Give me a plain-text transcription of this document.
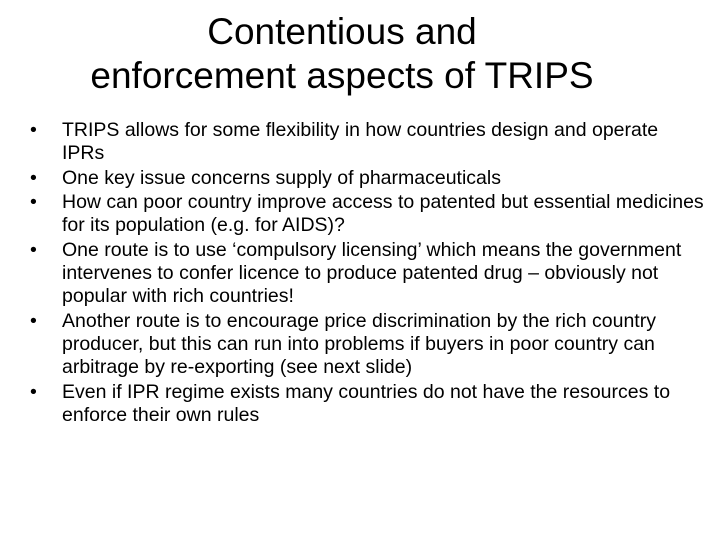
Contentious and
enforcement aspects of TRIPS
• TRIPS allows for some flexibility in how countries design and operate IPRs
• One key issue concerns supply of pharmaceuticals
• How can poor country improve access to patented but essential medicines for its population (e.g. for AIDS)?
• One route is to use ‘compulsory licensing’ which means the government intervenes to confer licence to produce patented drug – obviously not popular with rich countries!
• Another route is to encourage price discrimination by the rich country producer, but this can run into problems if buyers in poor country can arbitrage by re-exporting (see next slide)
• Even if IPR regime exists many countries do not have the resources to enforce their own rules
